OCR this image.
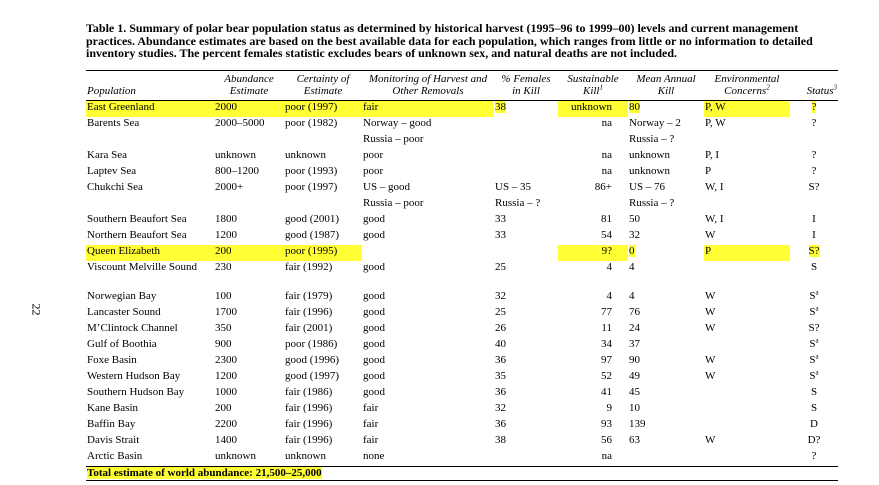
22
Table 1. Summary of polar bear population status as determined by historical harvest (1995–96 to 1999–00) levels and current management practices. Abundance estimates are based on the best available data for each population, which ranges from little or no information to detailed inventory studies. The percent females statistic excludes bears of unknown sex, and natural deaths are not included.
Population	Abundance Estimate	Certainty of Estimate	Monitoring of Harvest and Other Removals	% Females in Kill	Sustainable Kill$^1$	Mean Annual Kill	Environmental Concerns$^2$	Status$^3$
East Greenland	2000	poor (1997)	fair	38	unknown	80	P, W	?
Barents Sea	2000–5000	poor (1982)	Norway – good		na	Norway – 2	P, W	?
			Russia – poor			Russia – ?		
Kara Sea	unknown	unknown	poor		na	unknown	P, I	?
Laptev Sea	800–1200	poor (1993)	poor		na	unknown	P	?
Chukchi Sea	2000+	poor (1997)	US – good	US – 35	86+	US – 76	W, I	S?
			Russia – poor	Russia – ?		Russia – ?		
Southern Beaufort Sea	1800	good (2001)	good	33	81	50	W, I	I
Northern Beaufort Sea	1200	good (1987)	good	33	54	32	W	I
Queen Elizabeth	200	poor (1995)			9?	0	P	S?
Viscount Melville Sound	230	fair (1992)	good	25	4	4		S
Norwegian Bay	100	fair (1979)	good	32	4	4	W	$S^a$
Lancaster Sound	1700	fair (1996)	good	25	77	76	W	$S^a$
M’Clintock Channel	350	fair (2001)	good	26	11	24	W	S?
Gulf of Boothia	900	poor (1986)	good	40	34	37		$S^a$
Foxe Basin	2300	good (1996)	good	36	97	90	W	$S^a$
Western Hudson Bay	1200	good (1997)	good	35	52	49	W	$S^a$
Southern Hudson Bay	1000	fair (1986)	good	36	41	45		S
Kane Basin	200	fair (1996)	fair	32	9	10		S
Baffin Bay	2200	fair (1996)	fair	36	93	139		D
Davis Strait	1400	fair (1996)	fair	38	56	63	W	D?
Arctic Basin	unknown	unknown	none		na			?
Total estimate of world abundance: 21,500–25,000								
